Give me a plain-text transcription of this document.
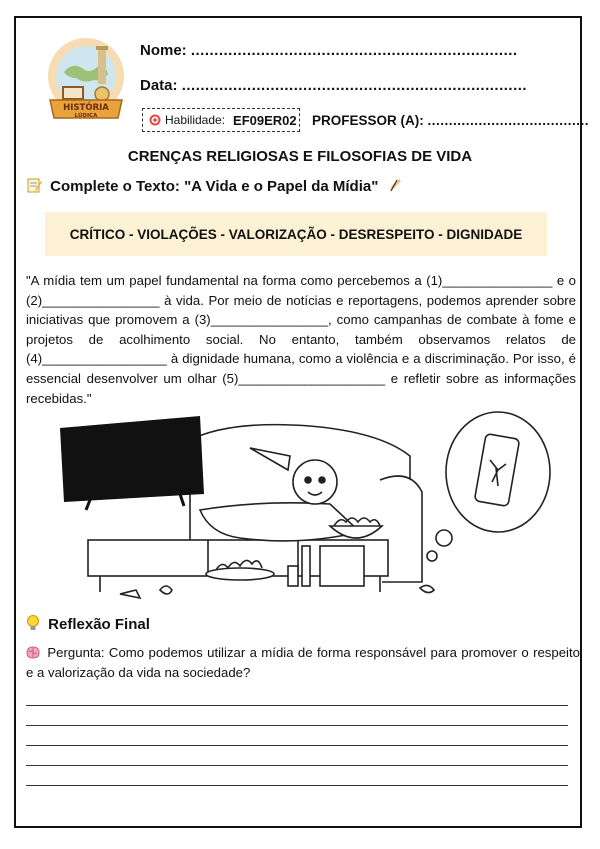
HISTÓRIA
LÚDICA
Nome: ......................................................................
Data: ..........................................................................
Habilidade: EF09ER02 PROFESSOR (A): ......................................
CRENÇAS RELIGIOSAS E FILOSOFIAS DE VIDA
Complete o Texto: "A Vida e o Papel da Mídia"
CRÍTICO - VIOLAÇÕES - VALORIZAÇÃO - DESRESPEITO - DIGNIDADE
"A mídia tem um papel fundamental na forma como percebemos a (1)_______________ e o (2)________________ à vida. Por meio de notícias e reportagens, podemos aprender sobre iniciativas que promovem a (3)________________, como campanhas de combate à fome e projetos de acolhimento social. No entanto, também observamos relatos de (4)_________________ à dignidade humana, como a violência e a discriminação. Por isso, é essencial desenvolver um olhar (5)____________________ e refletir sobre as informações recebidas."
Reflexão Final
Pergunta: Como podemos utilizar a mídia de forma responsável para promover o respeito e a valorização da vida na sociedade?
